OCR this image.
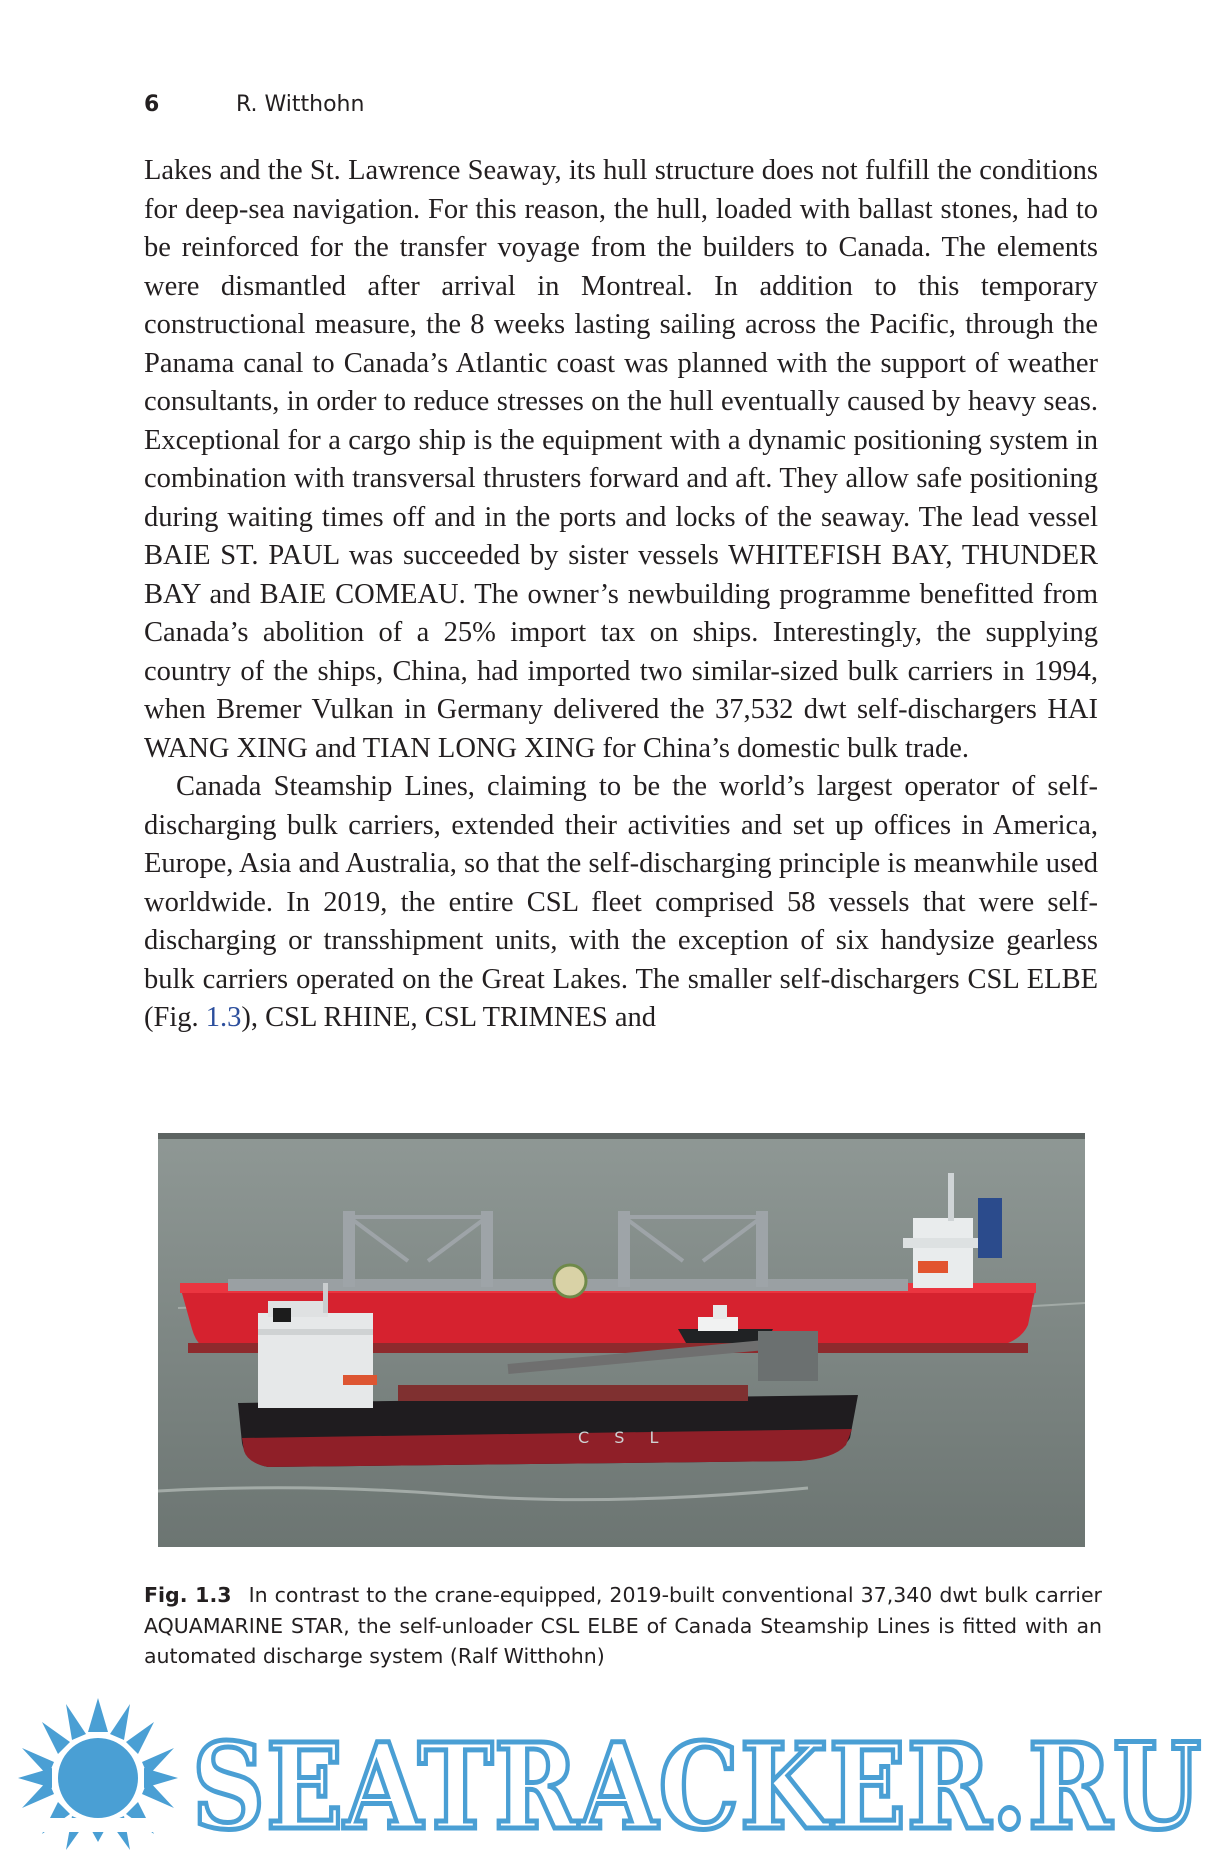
6	R. Witthohn

Lakes and the St. Lawrence Seaway, its hull structure does not fulfill the conditions for deep-sea navigation. For this reason, the hull, loaded with ballast stones, had to be reinforced for the transfer voyage from the builders to Canada. The elements were dismantled after arrival in Montreal. In addition to this temporary constructional measure, the 8 weeks lasting sailing across the Pacific, through the Panama canal to Canada’s Atlantic coast was planned with the support of weather consultants, in order to reduce stresses on the hull eventually caused by heavy seas. Exceptional for a cargo ship is the equipment with a dynamic positioning system in combination with transversal thrusters forward and aft. They allow safe positioning during waiting times off and in the ports and locks of the seaway. The lead vessel BAIE ST. PAUL was succeeded by sister vessels WHITEFISH BAY, THUNDER BAY and BAIE COMEAU. The owner’s newbuilding programme benefitted from Canada’s abolition of a 25% import tax on ships. Interestingly, the supplying country of the ships, China, had imported two similar-sized bulk carriers in 1994, when Bremer Vulkan in Germany delivered the 37,532 dwt self-dischargers HAI WANG XING and TIAN LONG XING for China’s domestic bulk trade.

Canada Steamship Lines, claiming to be the world’s largest operator of self-discharging bulk carriers, extended their activities and set up offices in America, Europe, Asia and Australia, so that the self-discharging principle is meanwhile used worldwide. In 2019, the entire CSL fleet comprised 58 vessels that were self-discharging or transshipment units, with the exception of six handysize gearless bulk carriers operated on the Great Lakes. The smaller self-dischargers CSL ELBE (Fig. 1.3), CSL RHINE, CSL TRIMNES and

C S L
Fig. 1.3 In contrast to the crane-equipped, 2019-built conventional 37,340 dwt bulk carrier AQUAMARINE STAR, the self-unloader CSL ELBE of Canada Steamship Lines is fitted with an automated discharge system (Ralf Witthohn)
SEATRACKER.RU
